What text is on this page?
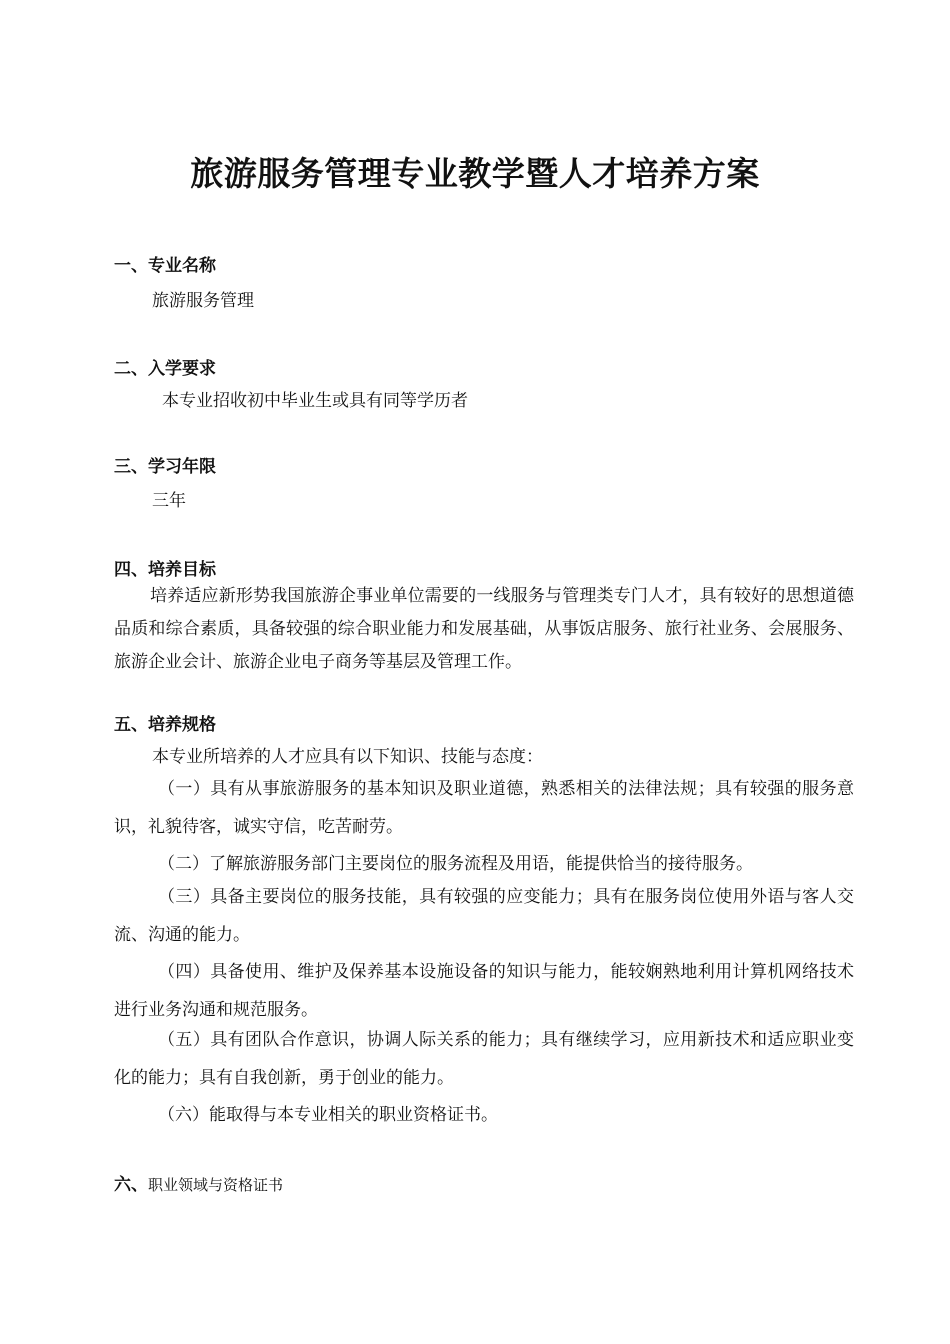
旅游服务管理专业教学暨人才培养方案
一、专业名称
旅游服务管理
二、入学要求
本专业招收初中毕业生或具有同等学历者
三、学习年限
三年
四、培养目标
培养适应新形势我国旅游企事业单位需要的一线服务与管理类专门人才，具有较好的思想道德品质和综合素质，具备较强的综合职业能力和发展基础，从事饭店服务、旅行社业务、会展服务、旅游企业会计、旅游企业电子商务等基层及管理工作。
五、培养规格
本专业所培养的人才应具有以下知识、技能与态度：
（一）具有从事旅游服务的基本知识及职业道德，熟悉相关的法律法规；具有较强的服务意识，礼貌待客，诚实守信，吃苦耐劳。
（二）了解旅游服务部门主要岗位的服务流程及用语，能提供恰当的接待服务。
（三）具备主要岗位的服务技能，具有较强的应变能力；具有在服务岗位使用外语与客人交流、沟通的能力。
（四）具备使用、维护及保养基本设施设备的知识与能力，能较娴熟地利用计算机网络技术进行业务沟通和规范服务。
（五）具有团队合作意识，协调人际关系的能力；具有继续学习，应用新技术和适应职业变化的能力；具有自我创新，勇于创业的能力。
（六）能取得与本专业相关的职业资格证书。
六、职业领域与资格证书
